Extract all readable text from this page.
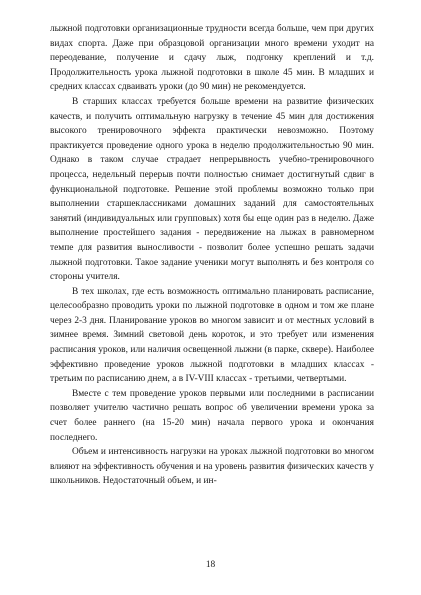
лыжной подготовки организационные трудности всегда больше, чем при других видах спорта. Даже при образцовой организации много времени уходит на переодевание, получение и сдачу лыж, подгонку креплений и т.д. Продолжительность урока лыжной подготовки в школе 45 мин. В младших и средних классах сдваивать уроки (до 90 мин) не рекомендуется.

В старших классах требуется больше времени на развитие физических качеств, и получить оптимальную нагрузку в течение 45 мин для достижения высокого тренировочного эффекта практически невозможно. Поэтому практикуется проведение одного урока в неделю продолжительностью 90 мин. Однако в таком случае страдает непрерывность учебно-тренировочного процесса, недельный перерыв почти полностью снимает достигнутый сдвиг в функциональной подготовке. Решение этой проблемы возможно только при выполнении старшеклассниками домашних заданий для самостоятельных занятий (индивидуальных или групповых) хотя бы еще один раз в неделю. Даже выполнение простейшего задания - передвижение на лыжах в равномерном темпе для развития выносливости - позволит более успешно решать задачи лыжной подготовки. Такое задание ученики могут выполнять и без контроля со стороны учителя.

В тех школах, где есть возможность оптимально планировать расписание, целесообразно проводить уроки по лыжной подготовке в одном и том же плане через 2-3 дня. Планирование уроков во многом зависит и от местных условий в зимнее время. Зимний световой день короток, и это требует или изменения расписания уроков, или наличия освещенной лыжни (в парке, сквере). Наиболее эффективно проведение уроков лыжной подготовки в младших классах - третьим по расписанию днем, а в IV-VIII классах - третьими, четвертыми.

Вместе с тем проведение уроков первыми или последними в расписании позволяет учителю частично решать вопрос об увеличении времени урока за счет более раннего (на 15-20 мин) начала первого урока и окончания последнего.

Объем и интенсивность нагрузки на уроках лыжной подготовки во многом влияют на эффективность обучения и на уровень развития физических качеств у школьников. Недостаточный объем, и ин-

18
